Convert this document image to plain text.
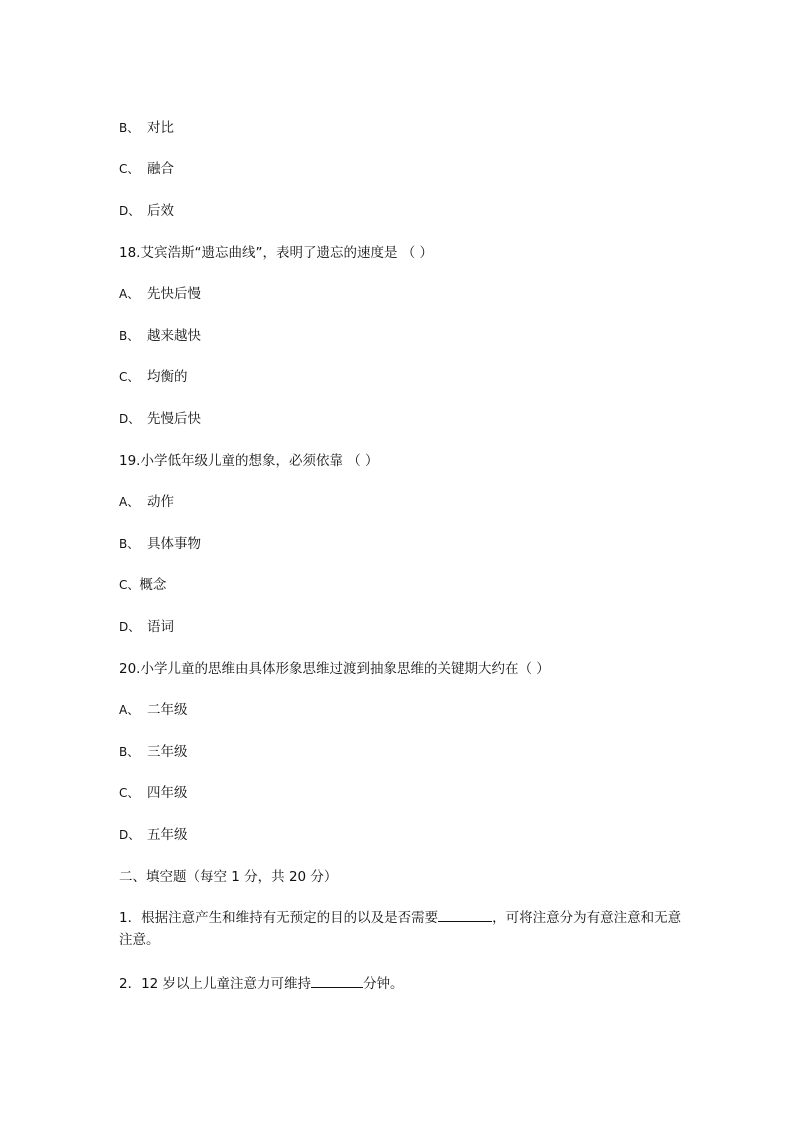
B、 对比
C、 融合
D、 后效
18.艾宾浩斯“遗忘曲线”，表明了遗忘的速度是 （ ）
A、 先快后慢
B、 越来越快
C、 均衡的
D、 先慢后快
19.小学低年级儿童的想象，必须依靠 （ ）
A、 动作
B、 具体事物
C、概念
D、 语词
20.小学儿童的思维由具体形象思维过渡到抽象思维的关键期大约在（ ）
A、 二年级
B、 三年级
C、 四年级
D、 五年级
二、填空题（每空 1 分，共 20 分）
1．根据注意产生和维持有无预定的目的以及是否需要	，可将注意分为有意注意和无意注意。
2．12 岁以上儿童注意力可维持	分钟。
